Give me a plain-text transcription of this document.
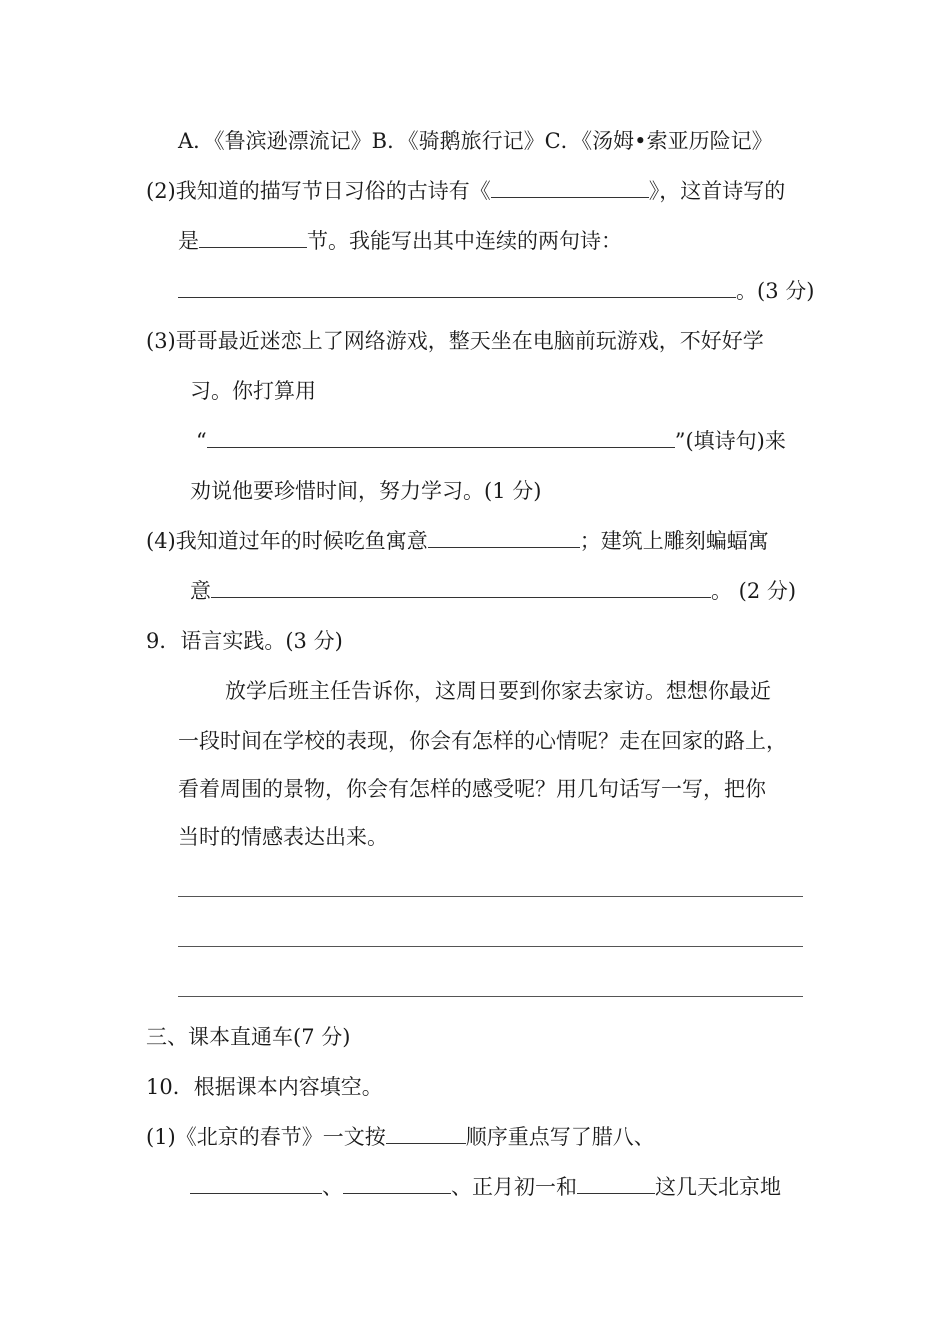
A．《鲁滨逊漂流记》B．《骑鹅旅行记》C．《汤姆•索亚历险记》
(2)我知道的描写节日习俗的古诗有《	》，这首诗写的
是	节。我能写出其中连续的两句诗：
。(3 分)
(3)哥哥最近迷恋上了网络游戏，整天坐在电脑前玩游戏，不好好学
习。你打算用
“	”(填诗句)来
劝说他要珍惜时间，努力学习。(1 分)
(4)我知道过年的时候吃鱼寓意	；建筑上雕刻蝙蝠寓
意	。 (2 分)
9．语言实践。(3 分)
放学后班主任告诉你，这周日要到你家去家访。想想你最近
一段时间在学校的表现，你会有怎样的心情呢？走在回家的路上，
看着周围的景物，你会有怎样的感受呢？用几句话写一写，把你
当时的情感表达出来。
三、课本直通车(7 分)
10．根据课本内容填空。
(1)《北京的春节》一文按	顺序重点写了腊八、
、	、正月初一和	这几天北京地
